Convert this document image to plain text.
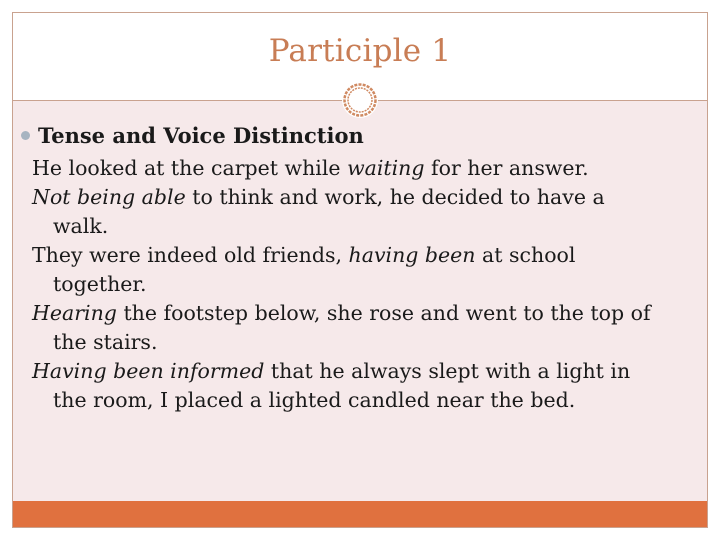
Participle 1
Tense and Voice Distinction
He looked at the carpet while waiting for her answer.
Not being able to think and work, he decided to have a
walk.
They were indeed old friends, having been at school
together.
Hearing the footstep below, she rose and went to the top of
the stairs.
Having been informed that he always slept with a light in
the room, I placed a lighted candled near the bed.
